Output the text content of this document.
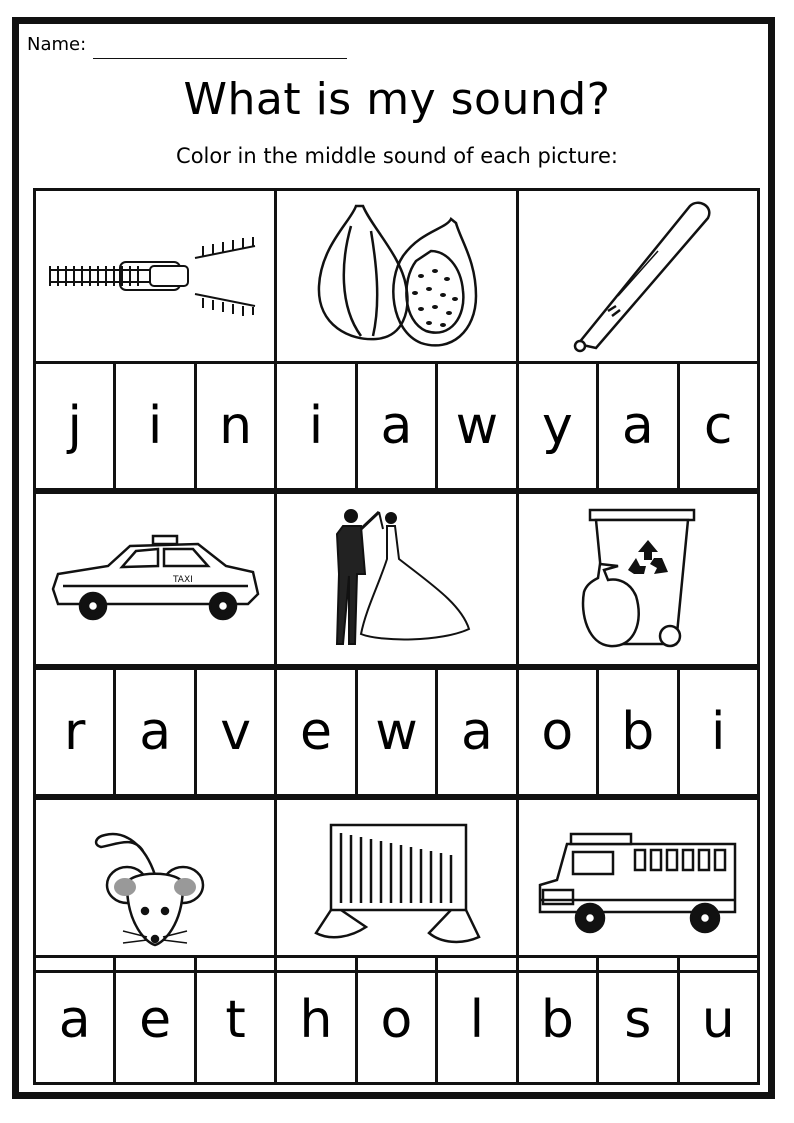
Name:
What is my sound?
Color in the middle sound of each picture:
j	i	n	i	a w y a c
TAXI
r	a v e w a o b	i
a e	t	h o	l	b s u
